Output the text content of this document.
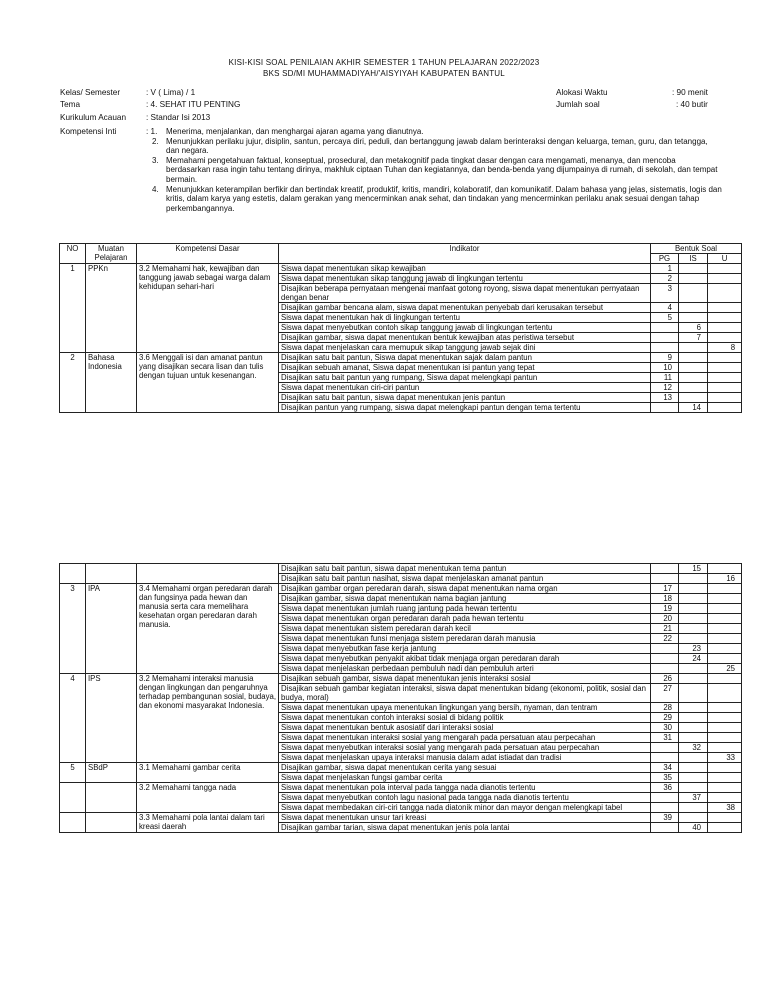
KISI-KISI SOAL PENILAIAN AKHIR SEMESTER 1 TAHUN PELAJARAN 2022/2023
BKS SD/MI MUHAMMADIYAH/'AISYIYAH KABUPATEN BANTUL
Kelas/ Semester	: V ( Lima) / 1
Tema	: 4. SEHAT ITU PENTING
Kurikulum Acauan : Standar Isi 2013
Kompetensi Inti	: 1.
Alokasi Waktu	: 90 menit
Jumlah soal	: 40 butir
Menerima, menjalankan, dan menghargai ajaran agama yang dianutnya.
2. Menunjukkan perilaku jujur, disiplin, santun, percaya diri, peduli, dan bertanggung jawab dalam berinteraksi dengan keluarga, teman, guru, dan tetangga, dan negara.
3. Memahami pengetahuan faktual, konseptual, prosedural, dan metakognitif pada tingkat dasar dengan cara mengamati, menanya, dan mencoba berdasarkan rasa ingin tahu tentang dirinya, makhluk ciptaan Tuhan dan kegiatannya, dan benda-benda yang dijumpainya di rumah, di sekolah, dan tempat bermain.
4. Menunjukkan keterampilan berfikir dan bertindak kreatif, produktif, kritis, mandiri, kolaboratif, dan komunikatif. Dalam bahasa yang jelas, sistematis, logis dan kritis, dalam karya yang estetis, dalam gerakan yang mencerminkan anak sehat, dan tindakan yang mencerminkan perilaku anak sesuai dengan tahap perkembangannya.
NO	Muatan Pelajaran	Kompetensi Dasar	Indikator	Bentuk Soal		
				PG	IS	U
1	PPKn	3.2 Memahami hak, kewajiban dan tanggung jawab sebagai warga dalam kehidupan sehari-hari	Siswa dapat menentukan sikap kewajiban	1		
			Siswa dapat menentukan sikap tanggung jawab di lingkungan tertentu	2		
			Disajikan beberapa pernyataan mengenai manfaat gotong royong, siswa dapat menentukan pernyataan dengan benar	3		
			Disajikan gambar bencana alam, siswa dapat menentukan penyebab dari kerusakan tersebut	4		
			Siswa dapat menentukan hak di lingkungan tertentu	5		
			Siswa dapat menyebutkan contoh sikap tanggung jawab di lingkungan tertentu		6	
			Disajikan gambar, siswa dapat menentukan bentuk kewajiban atas peristiwa tersebut		7	
			Siswa dapat menjelaskan cara memupuk sikap tanggung jawab sejak dini			8
2	Bahasa Indonesia	3.6 Menggali isi dan amanat pantun yang disajikan secara lisan dan tulis dengan tujuan untuk kesenangan.	Disajikan satu bait pantun, Siswa dapat menentukan sajak dalam pantun	9		
			Disajikan sebuah amanat, Siswa dapat menentukan isi pantun yang tepat	10		
			Disajikan satu bait pantun yang rumpang, Siswa dapat melengkapi pantun	11		
			Siswa dapat menentukan ciri-ciri pantun	12		
			Disajikan satu bait pantun, siswa dapat menentukan jenis pantun	13		
			Disajikan pantun yang rumpang, siswa dapat melengkapi pantun dengan tema tertentu		14	
			Disajikan satu bait pantun, siswa dapat menentukan tema pantun		15	
			Disajikan satu bait pantun nasihat, siswa dapat menjelaskan amanat pantun			16
3	IPA	3.4 Memahami organ peredaran darah dan fungsinya pada hewan dan manusia serta cara memelihara kesehatan organ peredaran darah manusia.	Disajikan gambar organ peredaran darah, siswa dapat menentukan nama organ	17		
			Disajikan gambar, siswa dapat menentukan nama bagian jantung	18		
			Siswa dapat menentukan jumlah ruang jantung pada hewan tertentu	19		
			Siswa dapat menentukan organ peredaran darah pada hewan tertentu	20		
			Siswa dapat menentukan sistem peredaran darah kecil	21		
			Siswa dapat menentukan funsi menjaga sistem peredaran darah manusia	22		
			Siswa dapat menyebutkan fase kerja jantung		23	
			Siswa dapat menyebutkan penyakit akibat tidak menjaga organ peredaran darah		24	
			Siswa dapat menjelaskan perbedaan pembuluh nadi dan pembuluh arteri			25
4	IPS	3.2 Memahami interaksi manusia dengan lingkungan dan pengaruhnya terhadap pembangunan sosial, budaya, dan ekonomi masyarakat Indonesia.	Disajikan sebuah gambar, siswa dapat menentukan jenis interaksi sosial	26		
			Disajikan sebuah gambar kegiatan interaksi, siswa dapat menentukan bidang (ekonomi, politik, sosial dan budya, moral)	27		
			Siswa dapat menentukan upaya menentukan lingkungan yang bersih, nyaman, dan tentram	28		
			Siswa dapat menentukan contoh interaksi sosial di bidang politik	29		
			Siswa dapat menentukan bentuk asosiatif dari interaksi sosial	30		
			Siswa dapat menentukan interaksi sosial yang mengarah pada persatuan atau perpecahan	31		
			Siswa dapat menyebutkan interaksi sosial yang mengarah pada persatuan atau perpecahan		32	
			Siswa dapat menjelaskan upaya interaksi manusia dalam adat istiadat dan tradisi			33
5	SBdP	3.1 Memahami gambar cerita	Disajikan gambar, siswa dapat menentukan cerita yang sesuai	34		
			Siswa dapat menjelaskan fungsi gambar cerita	35		
		3.2 Memahami tangga nada	Siswa dapat menentukan pola interval pada tangga nada dianotis tertentu	36		
			Siswa dapat menyebutkan contoh lagu nasional pada tangga nada dianotis tertentu		37	
			Siswa dapat membedakan ciri-ciri tangga nada diatonik minor dan mayor dengan melengkapi tabel			38
		3.3 Memahami pola lantai dalam tari kreasi daerah	Siswa dapat menentukan unsur tari kreasi	39		
			Disajikan gambar tarian, siswa dapat menentukan jenis pola lantai		40	
